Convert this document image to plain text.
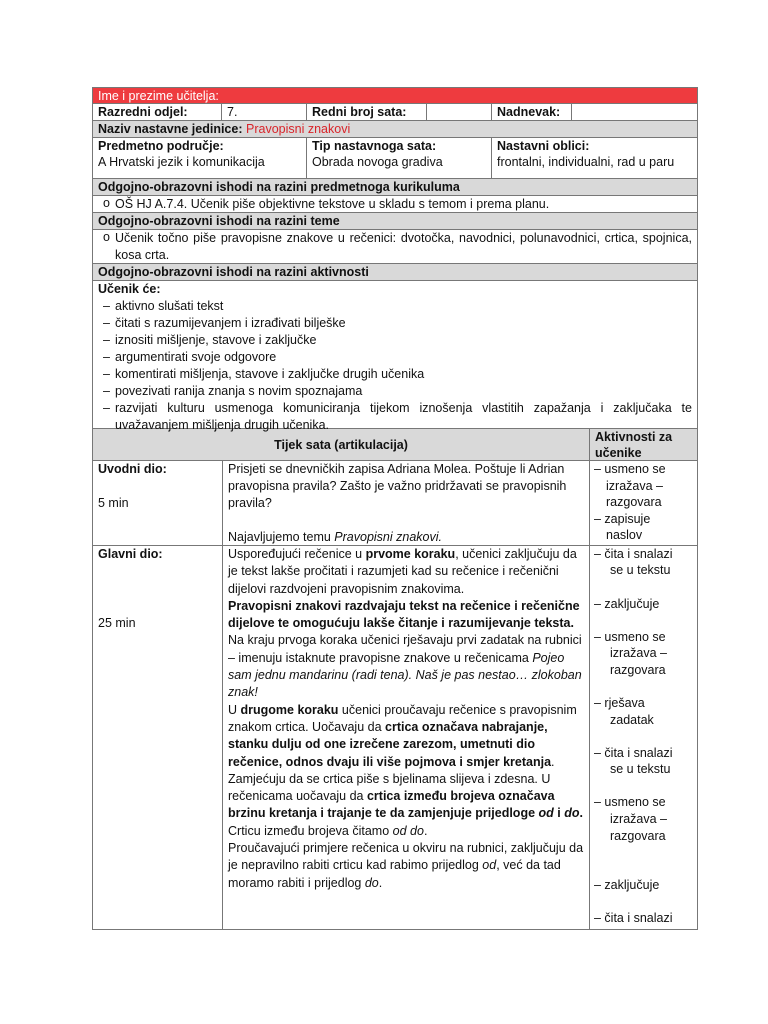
Ime i prezime učitelja:
Razredni odjel:	7.	Redni broj sata:	Nadnevak:
Naziv nastavne jedinice: Pravopisni znakovi
Predmetno područje:
A Hrvatski jezik i komunikacija
Tip nastavnoga sata:
Obrada novoga gradiva
Nastavni oblici:
frontalni, individualni, rad u paru
Odgojno-obrazovni ishodi na razini predmetnoga kurikuluma
o OŠ HJ A.7.4. Učenik piše objektivne tekstove u skladu s temom i prema planu.
Odgojno-obrazovni ishodi na razini teme
o Učenik točno piše pravopisne znakove u rečenici: dvotočka, navodnici, polunavodnici, crtica, spojnica, kosa crta.
Odgojno-obrazovni ishodi na razini aktivnosti
Učenik će:
– aktivno slušati tekst
– čitati s razumijevanjem i izrađivati bilješke
– iznositi mišljenje, stavove i zaključke
– argumentirati svoje odgovore
– komentirati mišljenja, stavove i zaključke drugih učenika
– povezivati ranija znanja s novim spoznajama
– razvijati kulturu usmenoga komuniciranja tijekom iznošenja vlastitih zapažanja i zaključaka te uvažavanjem mišljenja drugih učenika.
Tijek sata (artikulacija)
Aktivnosti za učenike
Uvodni dio:
5 min
Prisjeti se dnevničkih zapisa Adriana Molea. Poštuje li Adrian pravopisna pravila? Zašto je važno pridržavati se pravopisnih pravila?
Najavljujemo temu Pravopisni znakovi.
– usmeno se
izražava –
razgovara
– zapisuje
naslov
Glavni dio:
25 min
Uspoređujući rečenice u prvome koraku, učenici zaključuju da je tekst lakše pročitati i razumjeti kad su rečenice i rečenični dijelovi razdvojeni pravopisnim znakovima.
Pravopisni znakovi razdvajaju tekst na rečenice i rečenične dijelove te omogućuju lakše čitanje i razumijevanje teksta.
Na kraju prvoga koraka učenici rješavaju prvi zadatak na rubnici – imenuju istaknute pravopisne znakove u rečenicama Pojeo sam jednu mandarinu (radi tena). Naš je pas nestao… zlokoban znak!
U drugome koraku učenici proučavaju rečenice s pravopisnim znakom crtica. Uočavaju da crtica označava nabrajanje, stanku dulju od one izrečene zarezom, umetnuti dio rečenice, odnos dvaju ili više pojmova i smjer kretanja. Zamjećuju da se crtica piše s bjelinama slijeva i zdesna. U rečenicama uočavaju da crtica između brojeva označava brzinu kretanja i trajanje te da zamjenjuje prijedloge od i do. Crticu između brojeva čitamo od do.
Proučavajući primjere rečenica u okviru na rubnici, zaključuju da je nepravilno rabiti crticu kad rabimo prijedlog od, već da tad moramo rabiti i prijedlog do.
– čita i snalazi
se u tekstu
– zaključuje
– usmeno se
izražava –
razgovara
– rješava
zadatak
– čita i snalazi
se u tekstu
– usmeno se
izražava –
razgovara
– zaključuje
– čita i snalazi
